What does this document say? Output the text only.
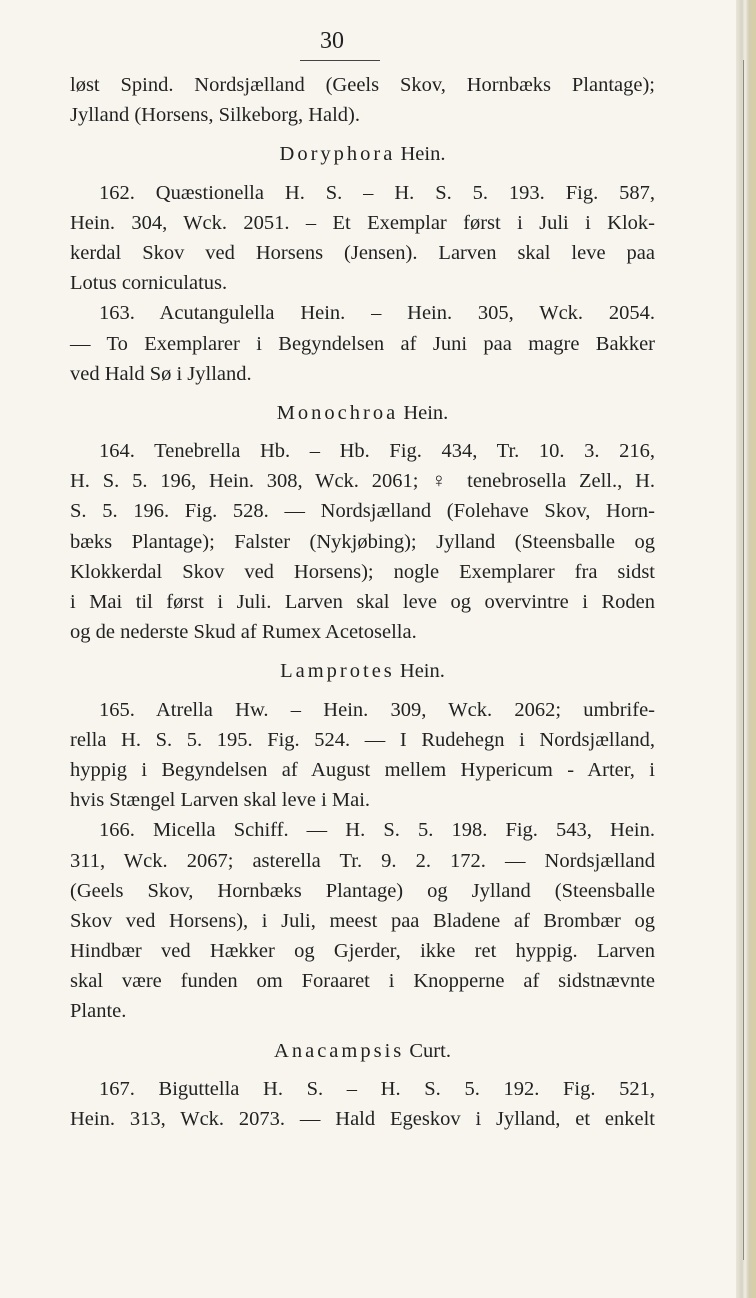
30
løst Spind. Nordsjælland (Geels Skov, Hornbæks Plantage);
Jylland (Horsens, Silkeborg, Hald).
Doryphora Hein.
162. Quæstionella H. S. – H. S. 5. 193. Fig. 587,
Hein. 304, Wck. 2051. – Et Exemplar først i Juli i Klok-
kerdal Skov ved Horsens (Jensen). Larven skal leve paa
Lotus corniculatus.
163. Acutangulella Hein. – Hein. 305, Wck. 2054.
— To Exemplarer i Begyndelsen af Juni paa magre Bakker
ved Hald Sø i Jylland.
Monochroa Hein.
164. Tenebrella Hb. – Hb. Fig. 434, Tr. 10. 3. 216,
H. S. 5. 196, Hein. 308, Wck. 2061; ♀ tenebrosella Zell., H.
S. 5. 196. Fig. 528. — Nordsjælland (Folehave Skov, Horn-
bæks Plantage); Falster (Nykjøbing); Jylland (Steensballe og
Klokkerdal Skov ved Horsens); nogle Exemplarer fra sidst
i Mai til først i Juli. Larven skal leve og overvintre i Roden
og de nederste Skud af Rumex Acetosella.
Lamprotes Hein.
165. Atrella Hw. – Hein. 309, Wck. 2062; umbrife-
rella H. S. 5. 195. Fig. 524. — I Rudehegn i Nordsjælland,
hyppig i Begyndelsen af August mellem Hypericum - Arter, i
hvis Stængel Larven skal leve i Mai.
166. Micella Schiff. — H. S. 5. 198. Fig. 543, Hein.
311, Wck. 2067; asterella Tr. 9. 2. 172. — Nordsjælland
(Geels Skov, Hornbæks Plantage) og Jylland (Steensballe
Skov ved Horsens), i Juli, meest paa Bladene af Brombær og
Hindbær ved Hækker og Gjerder, ikke ret hyppig. Larven
skal være funden om Foraaret i Knopperne af sidstnævnte
Plante.
Anacampsis Curt.
167. Biguttella H. S. – H. S. 5. 192. Fig. 521,
Hein. 313, Wck. 2073. — Hald Egeskov i Jylland, et enkelt
